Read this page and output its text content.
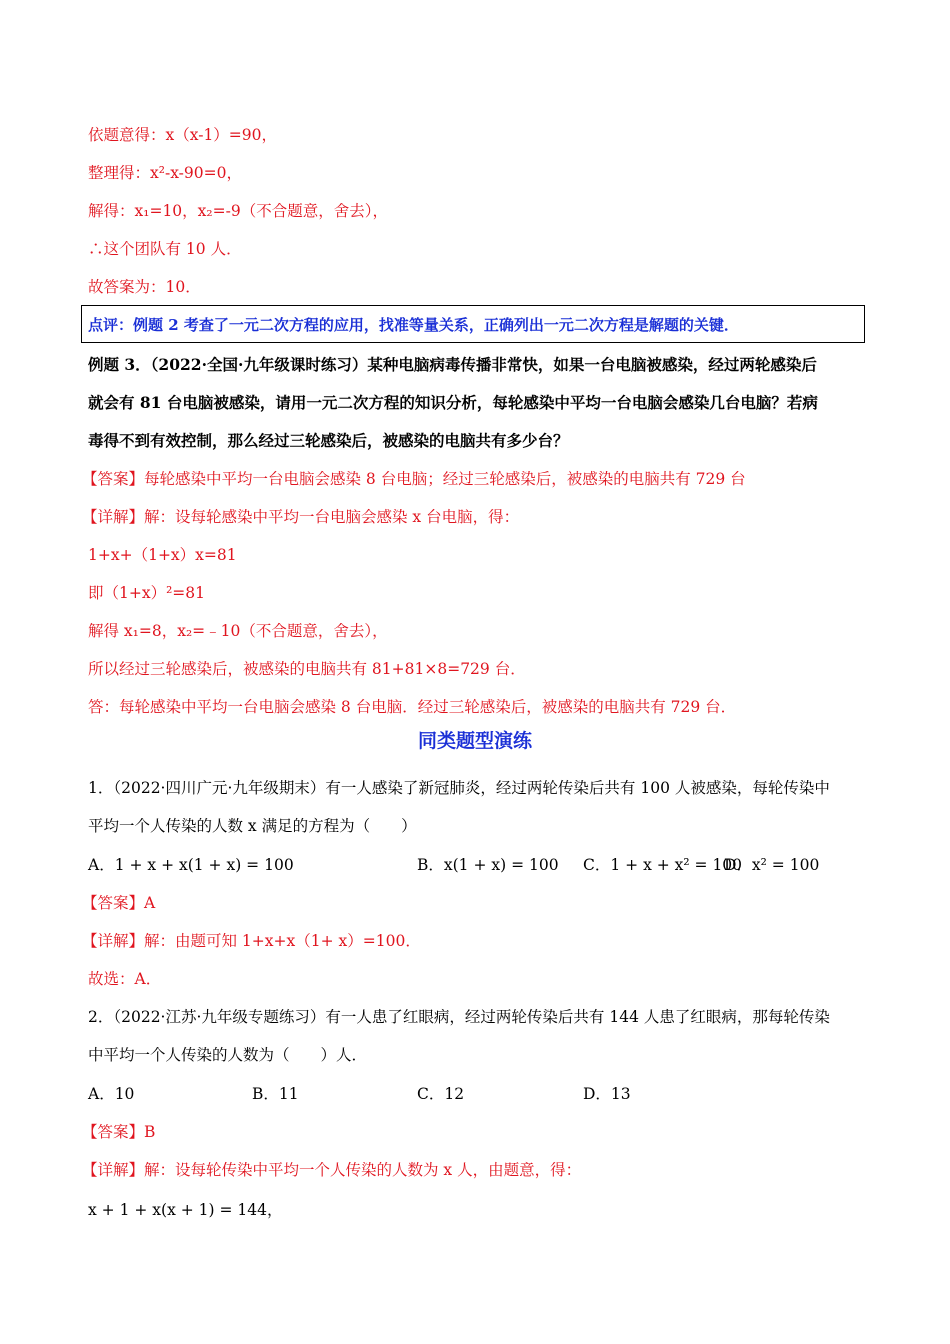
依题意得：x（x-1）=90，
整理得：x²-x-90=0，
解得：x₁=10，x₂=-9（不合题意，舍去），
∴这个团队有 10 人．
故答案为：10．
点评：例题 2 考查了一元二次方程的应用，找准等量关系，正确列出一元二次方程是解题的关键．
例题 3．（2022·全国·九年级课时练习）某种电脑病毒传播非常快，如果一台电脑被感染，经过两轮感染后
就会有 81 台电脑被感染，请用一元二次方程的知识分析，每轮感染中平均一台电脑会感染几台电脑？若病
毒得不到有效控制，那么经过三轮感染后，被感染的电脑共有多少台？
【答案】每轮感染中平均一台电脑会感染 8 台电脑；经过三轮感染后，被感染的电脑共有 729 台
【详解】解：设每轮感染中平均一台电脑会感染 x 台电脑，得：
1+x+（1+x）x=81
即（1+x）²=81
解得 x₁=8，x₂=﹣10（不合题意，舍去），
所以经过三轮感染后，被感染的电脑共有 81+81×8=729 台．
答：每轮感染中平均一台电脑会感染 8 台电脑．经过三轮感染后，被感染的电脑共有 729 台．
同类题型演练
1．（2022·四川广元·九年级期末）有一人感染了新冠肺炎，经过两轮传染后共有 100 人被感染，每轮传染中
平均一个人传染的人数 x 满足的方程为（　　）
A．1 + x + x(1 + x) = 100	B．x(1 + x) = 100 C．1 + x + x² = 100
D．x² = 100
【答案】A
【详解】解：由题可知 1+x+x（1+ x）=100．
故选：A．
2．（2022·江苏·九年级专题练习）有一人患了红眼病，经过两轮传染后共有 144 人患了红眼病，那每轮传染
中平均一个人传染的人数为（　　）人．
A．10	B．11	C．12	D．13
【答案】B
【详解】解：设每轮传染中平均一个人传染的人数为 x 人，由题意，得：
x + 1 + x(x + 1) = 144，
